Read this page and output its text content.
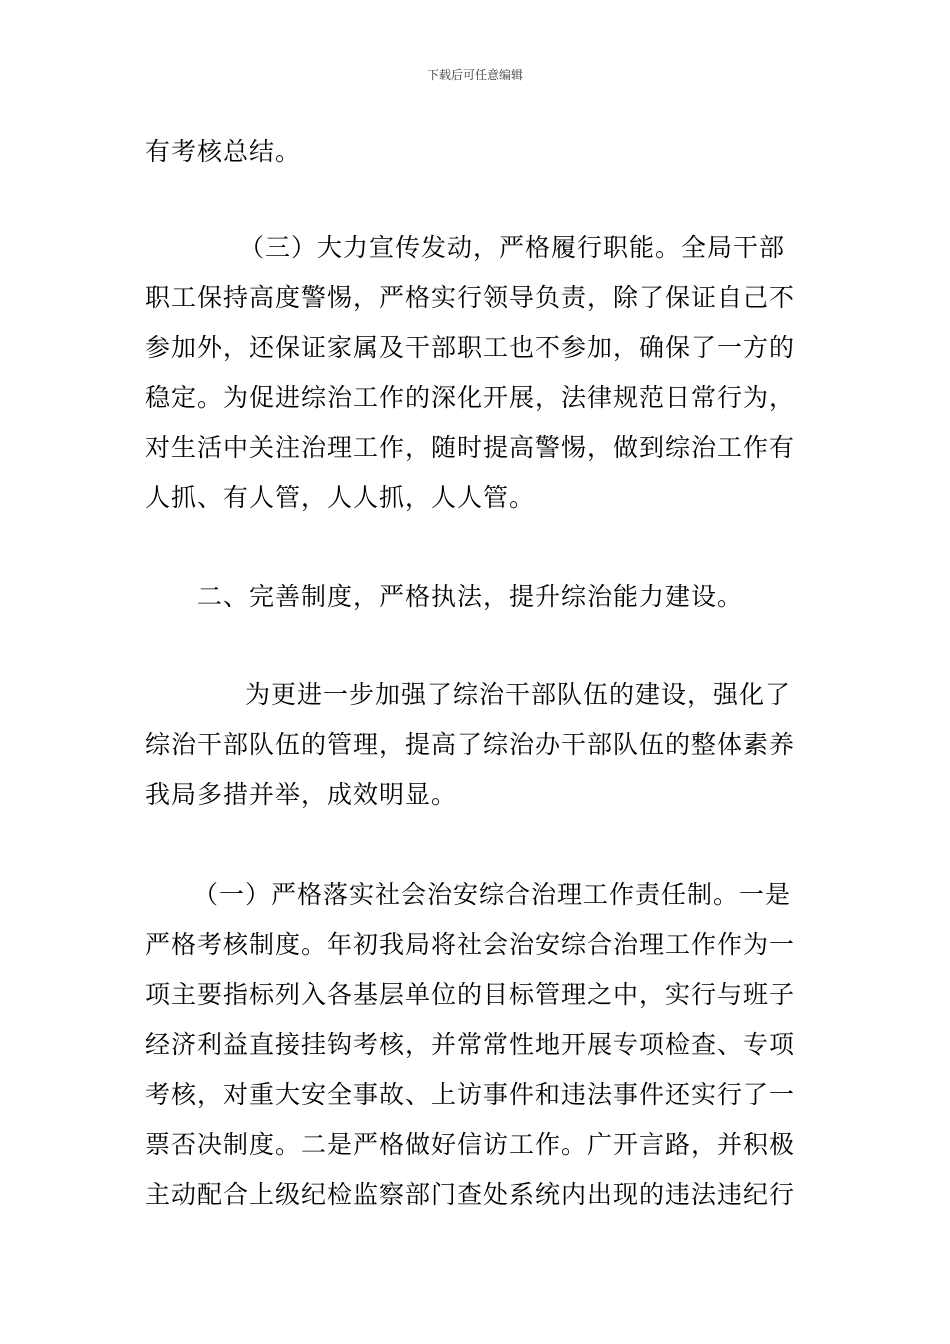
下载后可任意编辑

有考核总结。

（三）大力宣传发动，严格履行职能。全局干部
职工保持高度警惕，严格实行领导负责，除了保证自己不
参加外，还保证家属及干部职工也不参加，确保了一方的
稳定。为促进综治工作的深化开展，法律规范日常行为，
对生活中关注治理工作，随时提高警惕，做到综治工作有
人抓、有人管，人人抓，人人管。

二、完善制度，严格执法，提升综治能力建设。

为更进一步加强了综治干部队伍的建设，强化了
综治干部队伍的管理，提高了综治办干部队伍的整体素养
我局多措并举，成效明显。

（一）严格落实社会治安综合治理工作责任制。一是
严格考核制度。年初我局将社会治安综合治理工作作为一
项主要指标列入各基层单位的目标管理之中，实行与班子
经济利益直接挂钩考核，并常常性地开展专项检查、专项
考核，对重大安全事故、上访事件和违法事件还实行了一
票否决制度。二是严格做好信访工作。广开言路，并积极
主动配合上级纪检监察部门查处系统内出现的违法违纪行
